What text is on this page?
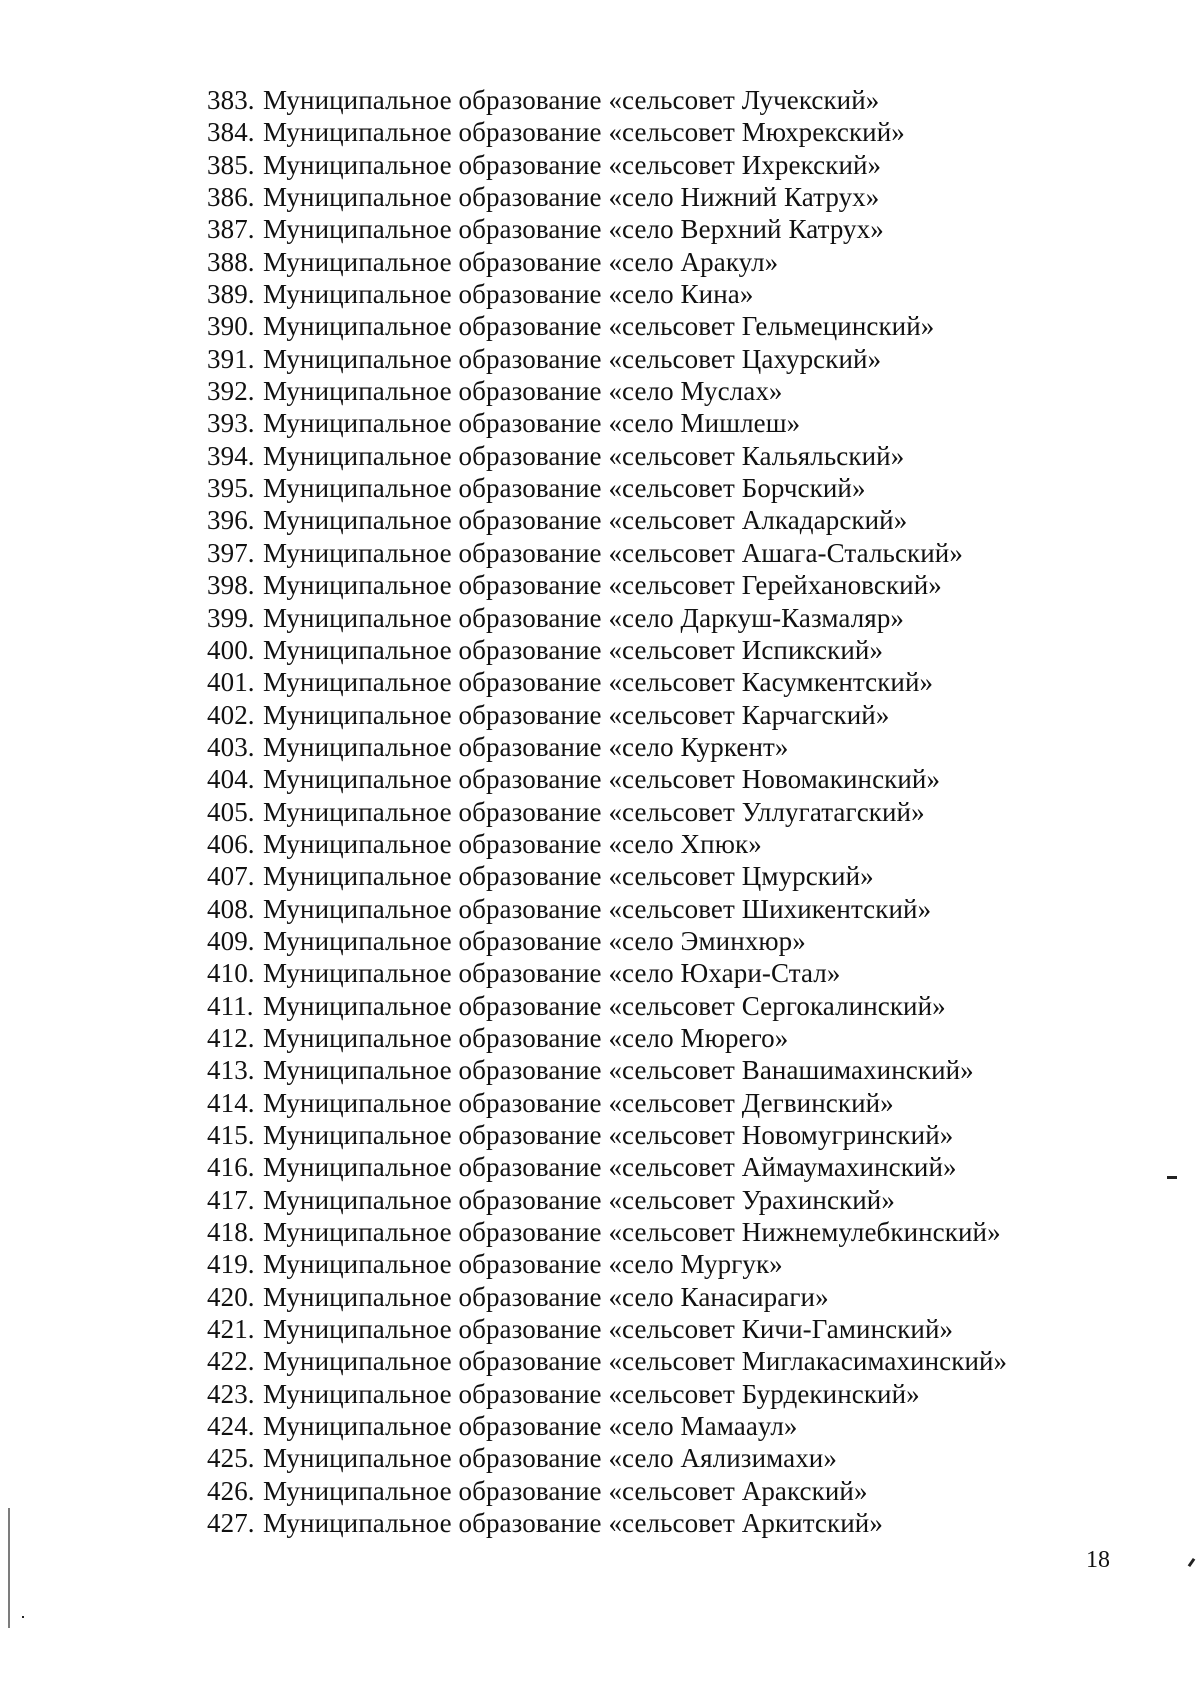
383. Муниципальное образование «сельсовет Лучекский»
384. Муниципальное образование «сельсовет Мюхрекский»
385. Муниципальное образование «сельсовет Ихрекский»
386. Муниципальное образование «село Нижний Катрух»
387. Муниципальное образование «село Верхний Катрух»
388. Муниципальное образование «село Аракул»
389. Муниципальное образование «село Кина»
390. Муниципальное образование «сельсовет Гельмецинский»
391. Муниципальное образование «сельсовет Цахурский»
392. Муниципальное образование «село Муслах»
393. Муниципальное образование «село Мишлеш»
394. Муниципальное образование «сельсовет Кальяльский»
395. Муниципальное образование «сельсовет Борчский»
396. Муниципальное образование «сельсовет Алкадарский»
397. Муниципальное образование «сельсовет Ашага-Стальский»
398. Муниципальное образование «сельсовет Герейхановский»
399. Муниципальное образование «село Даркуш-Казмаляр»
400. Муниципальное образование «сельсовет Испикский»
401. Муниципальное образование «сельсовет Касумкентский»
402. Муниципальное образование «сельсовет Карчагский»
403. Муниципальное образование «село Куркент»
404. Муниципальное образование «сельсовет Новомакинский»
405. Муниципальное образование «сельсовет Уллугатагский»
406. Муниципальное образование «село Хпюк»
407. Муниципальное образование «сельсовет Цмурский»
408. Муниципальное образование «сельсовет Шихикентский»
409. Муниципальное образование «село Эминхюр»
410. Муниципальное образование «село Юхари-Стал»
411. Муниципальное образование «сельсовет Сергокалинский»
412. Муниципальное образование «село Мюрего»
413. Муниципальное образование «сельсовет Ванашимахинский»
414. Муниципальное образование «сельсовет Дегвинский»
415. Муниципальное образование «сельсовет Новомугринский»
416. Муниципальное образование «сельсовет Аймаумахинский»
417. Муниципальное образование «сельсовет Урахинский»
418. Муниципальное образование «сельсовет Нижнемулебкинский»
419. Муниципальное образование «село Мургук»
420. Муниципальное образование «село Канасираги»
421. Муниципальное образование «сельсовет Кичи-Гаминский»
422. Муниципальное образование «сельсовет Миглакасимахинский»
423. Муниципальное образование «сельсовет Бурдекинский»
424. Муниципальное образование «село Мамаaул»
425. Муниципальное образование «село Аялизимахи»
426. Муниципальное образование «сельсовет Аракский»
427. Муниципальное образование «сельсовет Аркитский»
18
